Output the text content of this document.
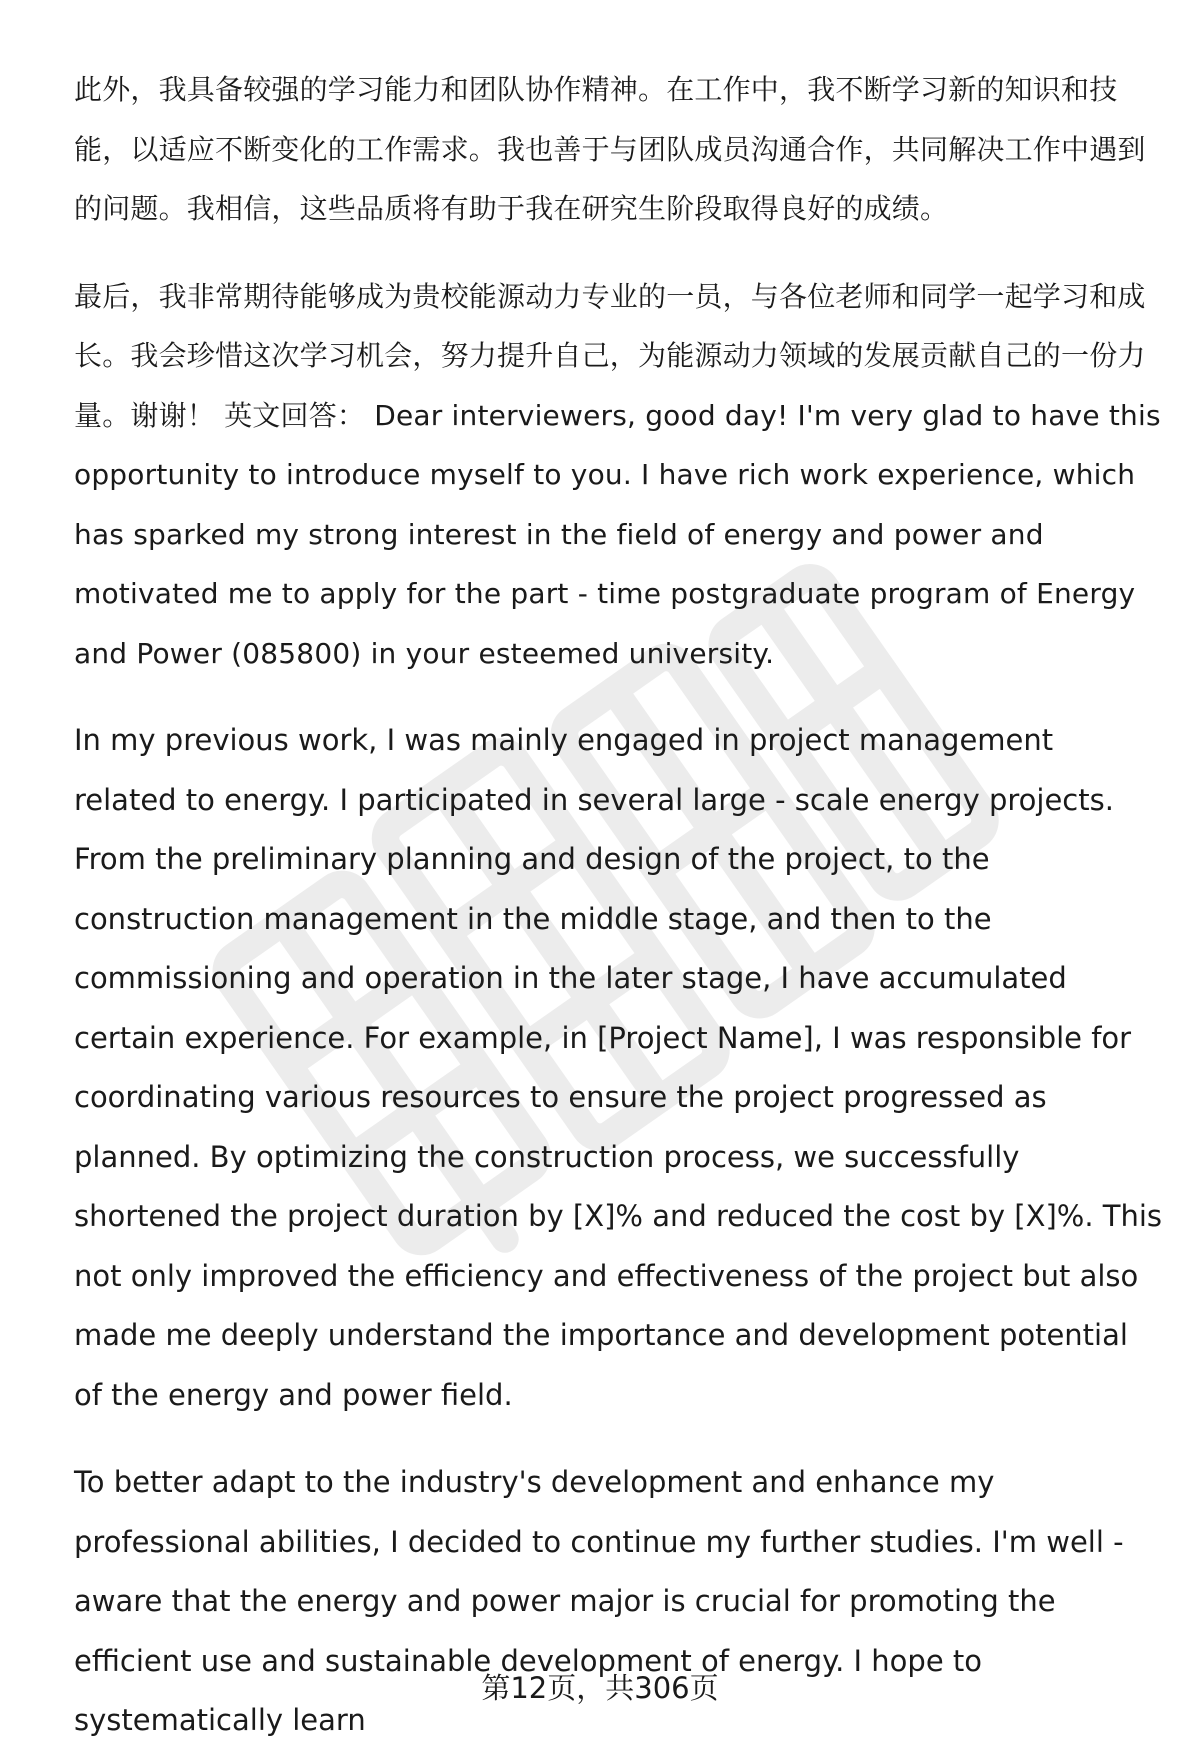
此外，我具备较强的学习能力和团队协作精神。在工作中，我不断学习新的知识和技能，以适应不断变化的工作需求。我也善于与团队成员沟通合作，共同解决工作中遇到的问题。我相信，这些品质将有助于我在研究生阶段取得良好的成绩。

最后，我非常期待能够成为贵校能源动力专业的一员，与各位老师和同学一起学习和成长。我会珍惜这次学习机会，努力提升自己，为能源动力领域的发展贡献自己的一份力量。谢谢！ 英文回答： Dear interviewers, good day! I'm very glad to have this opportunity to introduce myself to you. I have rich work experience, which has sparked my strong interest in the field of energy and power and motivated me to apply for the part - time postgraduate program of Energy and Power (085800) in your esteemed university.

In my previous work, I was mainly engaged in project management related to energy. I participated in several large - scale energy projects. From the preliminary planning and design of the project, to the construction management in the middle stage, and then to the commissioning and operation in the later stage, I have accumulated certain experience. For example, in [Project Name], I was responsible for coordinating various resources to ensure the project progressed as planned. By optimizing the construction process, we successfully shortened the project duration by [X]% and reduced the cost by [X]%. This not only improved the efficiency and effectiveness of the project but also made me deeply understand the importance and development potential of the energy and power field.

To better adapt to the industry's development and enhance my professional abilities, I decided to continue my further studies. I'm well - aware that the energy and power major is crucial for promoting the efficient use and sustainable development of energy. I hope to systematically learn

第12页，共306页
